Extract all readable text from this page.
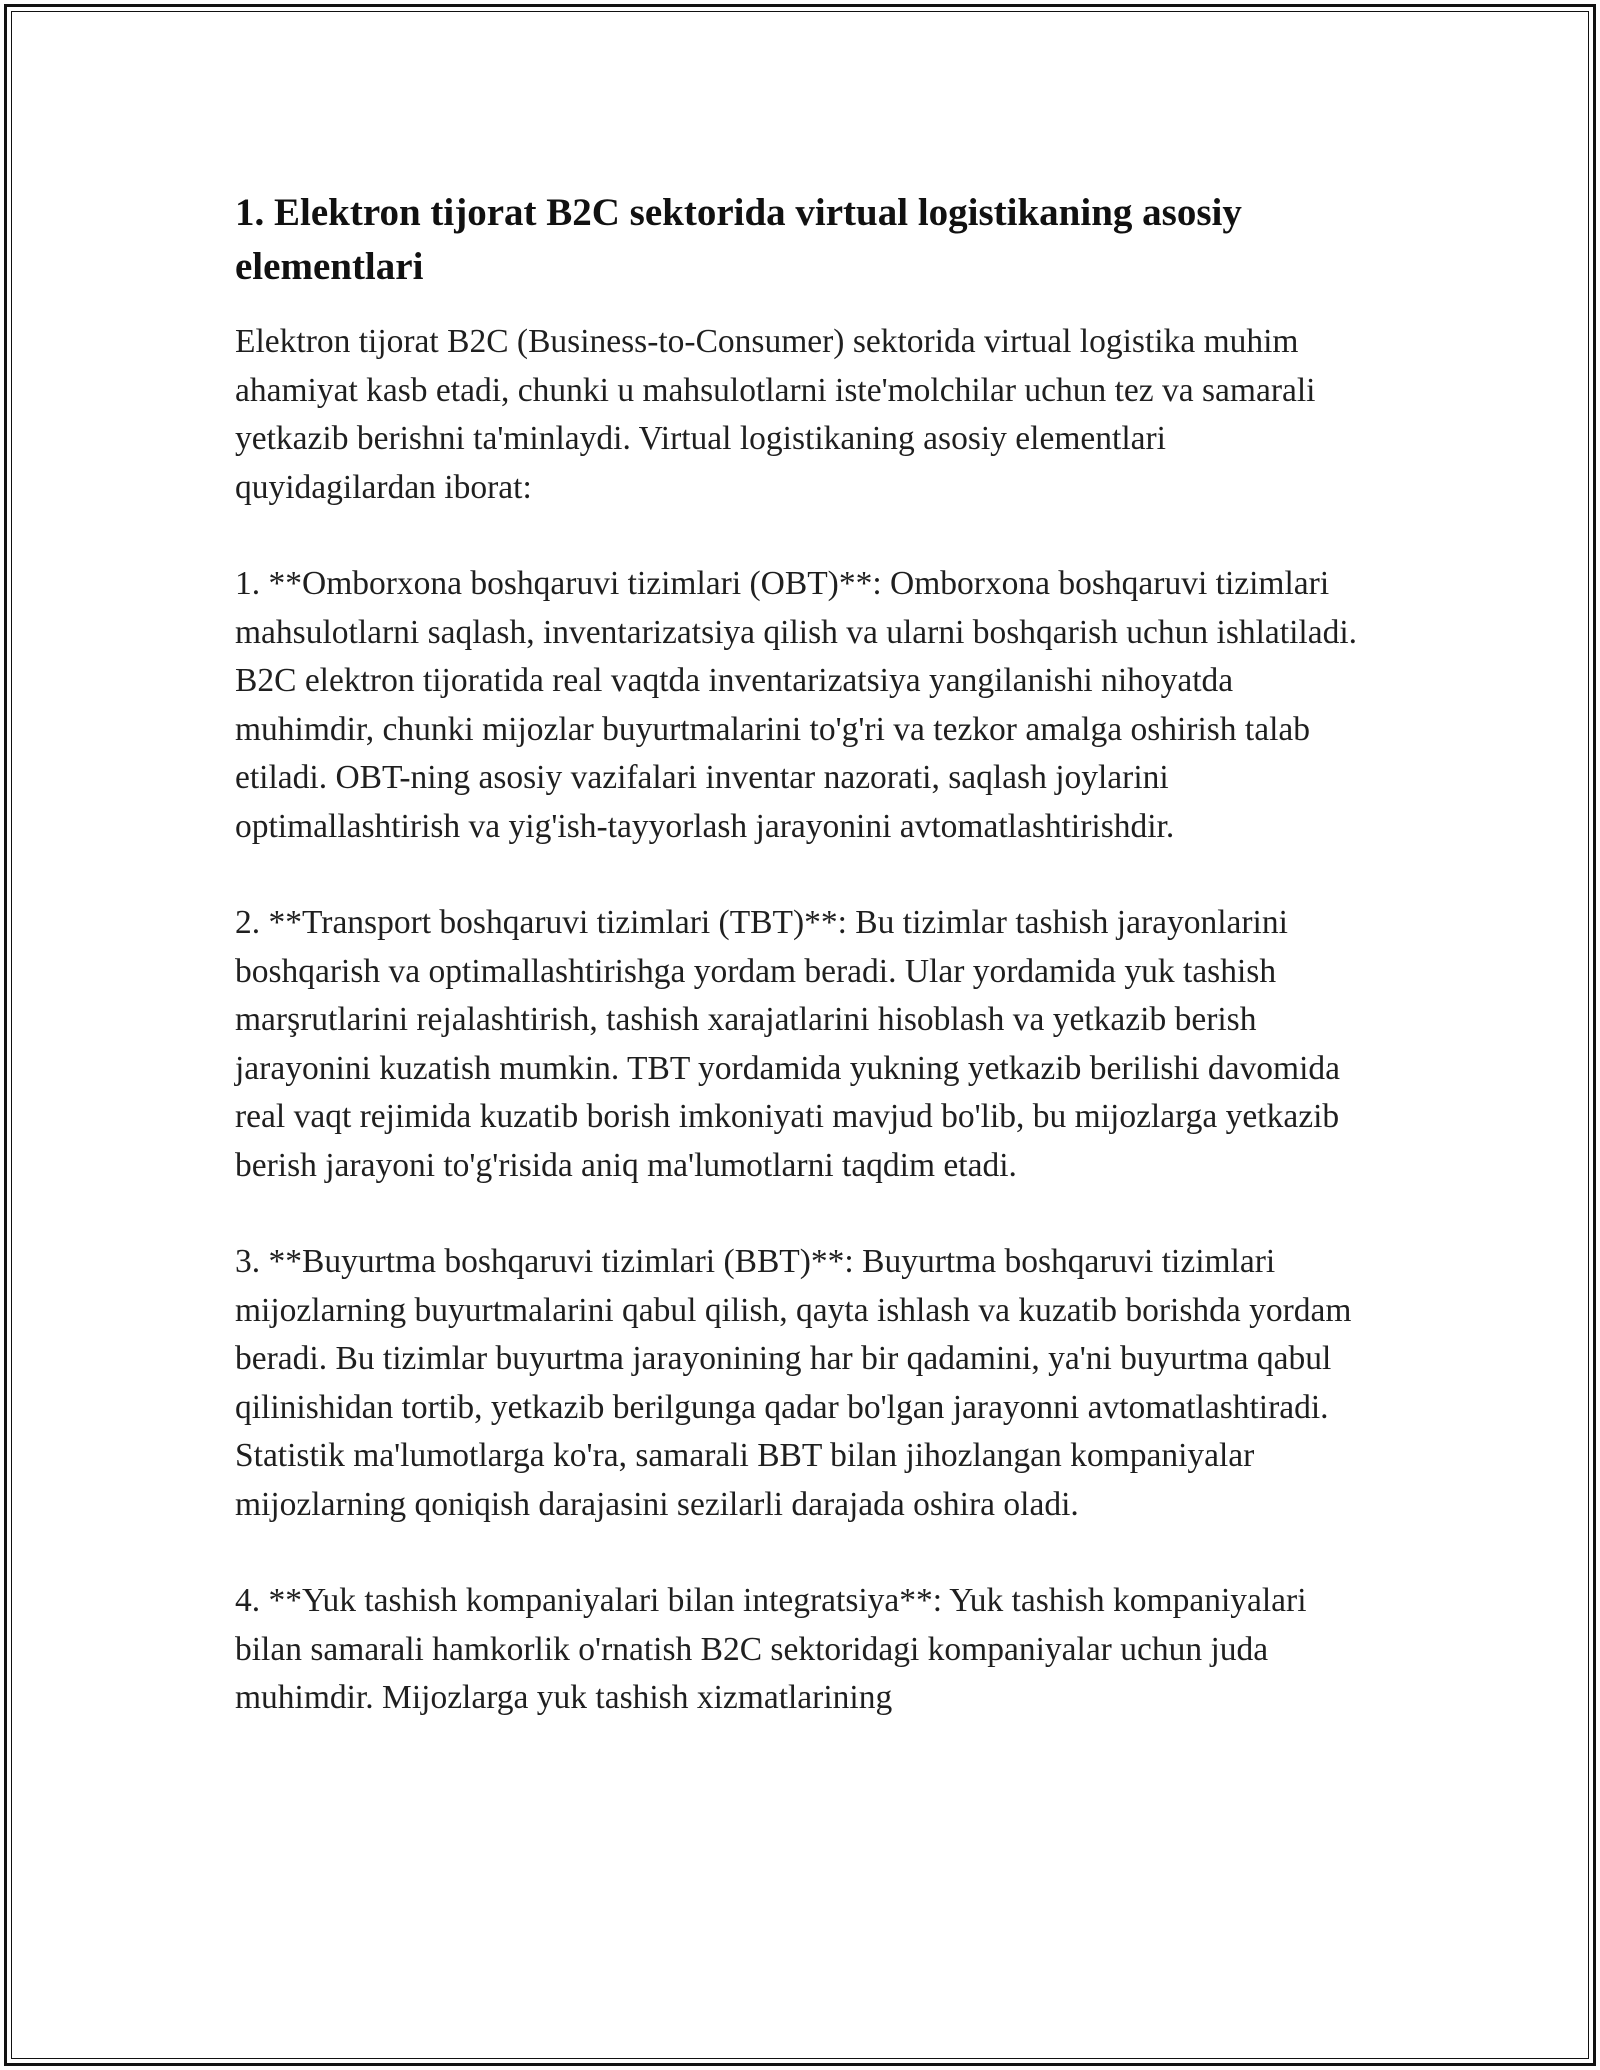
1. Elektron tijorat B2C sektorida virtual logistikaning asosiy elementlari

Elektron tijorat B2C (Business-to-Consumer) sektorida virtual logistika muhim ahamiyat kasb etadi, chunki u mahsulotlarni iste'molchilar uchun tez va samarali yetkazib berishni ta'minlaydi. Virtual logistikaning asosiy elementlari quyidagilardan iborat:

1. **Omborxona boshqaruvi tizimlari (OBT)**: Omborxona boshqaruvi tizimlari mahsulotlarni saqlash, inventarizatsiya qilish va ularni boshqarish uchun ishlatiladi. B2C elektron tijoratida real vaqtda inventarizatsiya yangilanishi nihoyatda muhimdir, chunki mijozlar buyurtmalarini to'g'ri va tezkor amalga oshirish talab etiladi. OBT-ning asosiy vazifalari inventar nazorati, saqlash joylarini optimallashtirish va yig'ish-tayyorlash jarayonini avtomatlashtirishdir.

2. **Transport boshqaruvi tizimlari (TBT)**: Bu tizimlar tashish jarayonlarini boshqarish va optimallashtirishga yordam beradi. Ular yordamida yuk tashish marşrutlarini rejalashtirish, tashish xarajatlarini hisoblash va yetkazib berish jarayonini kuzatish mumkin. TBT yordamida yukning yetkazib berilishi davomida real vaqt rejimida kuzatib borish imkoniyati mavjud bo'lib, bu mijozlarga yetkazib berish jarayoni to'g'risida aniq ma'lumotlarni taqdim etadi.

3. **Buyurtma boshqaruvi tizimlari (BBT)**: Buyurtma boshqaruvi tizimlari mijozlarning buyurtmalarini qabul qilish, qayta ishlash va kuzatib borishda yordam beradi. Bu tizimlar buyurtma jarayonining har bir qadamini, ya'ni buyurtma qabul qilinishidan tortib, yetkazib berilgunga qadar bo'lgan jarayonni avtomatlashtiradi. Statistik ma'lumotlarga ko'ra, samarali BBT bilan jihozlangan kompaniyalar mijozlarning qoniqish darajasini sezilarli darajada oshira oladi.

4. **Yuk tashish kompaniyalari bilan integratsiya**: Yuk tashish kompaniyalari bilan samarali hamkorlik o'rnatish B2C sektoridagi kompaniyalar uchun juda muhimdir. Mijozlarga yuk tashish xizmatlarining
